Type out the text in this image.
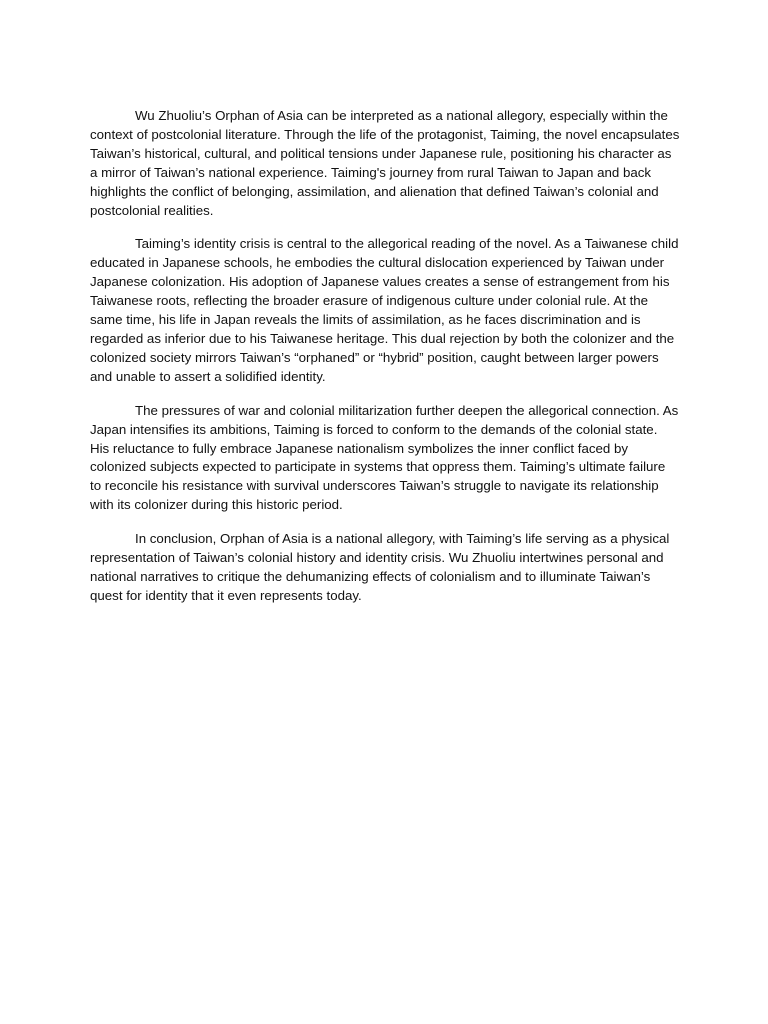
Wu Zhuoliu’s Orphan of Asia can be interpreted as a national allegory, especially within the context of postcolonial literature. Through the life of the protagonist, Taiming, the novel encapsulates Taiwan’s historical, cultural, and political tensions under Japanese rule, positioning his character as a mirror of Taiwan’s national experience. Taiming's journey from rural Taiwan to Japan and back highlights the conflict of belonging, assimilation, and alienation that defined Taiwan’s colonial and postcolonial realities.

Taiming’s identity crisis is central to the allegorical reading of the novel. As a Taiwanese child educated in Japanese schools, he embodies the cultural dislocation experienced by Taiwan under Japanese colonization. His adoption of Japanese values creates a sense of estrangement from his Taiwanese roots, reflecting the broader erasure of indigenous culture under colonial rule. At the same time, his life in Japan reveals the limits of assimilation, as he faces discrimination and is regarded as inferior due to his Taiwanese heritage. This dual rejection by both the colonizer and the colonized society mirrors Taiwan’s “orphaned” or “hybrid” position, caught between larger powers and unable to assert a solidified identity.

The pressures of war and colonial militarization further deepen the allegorical connection. As Japan intensifies its ambitions, Taiming is forced to conform to the demands of the colonial state. His reluctance to fully embrace Japanese nationalism symbolizes the inner conflict faced by colonized subjects expected to participate in systems that oppress them. Taiming’s ultimate failure to reconcile his resistance with survival underscores Taiwan’s struggle to navigate its relationship with its colonizer during this historic period.

In conclusion, Orphan of Asia is a national allegory, with Taiming’s life serving as a physical representation of Taiwan’s colonial history and identity crisis. Wu Zhuoliu intertwines personal and national narratives to critique the dehumanizing effects of colonialism and to illuminate Taiwan’s quest for identity that it even represents today.
